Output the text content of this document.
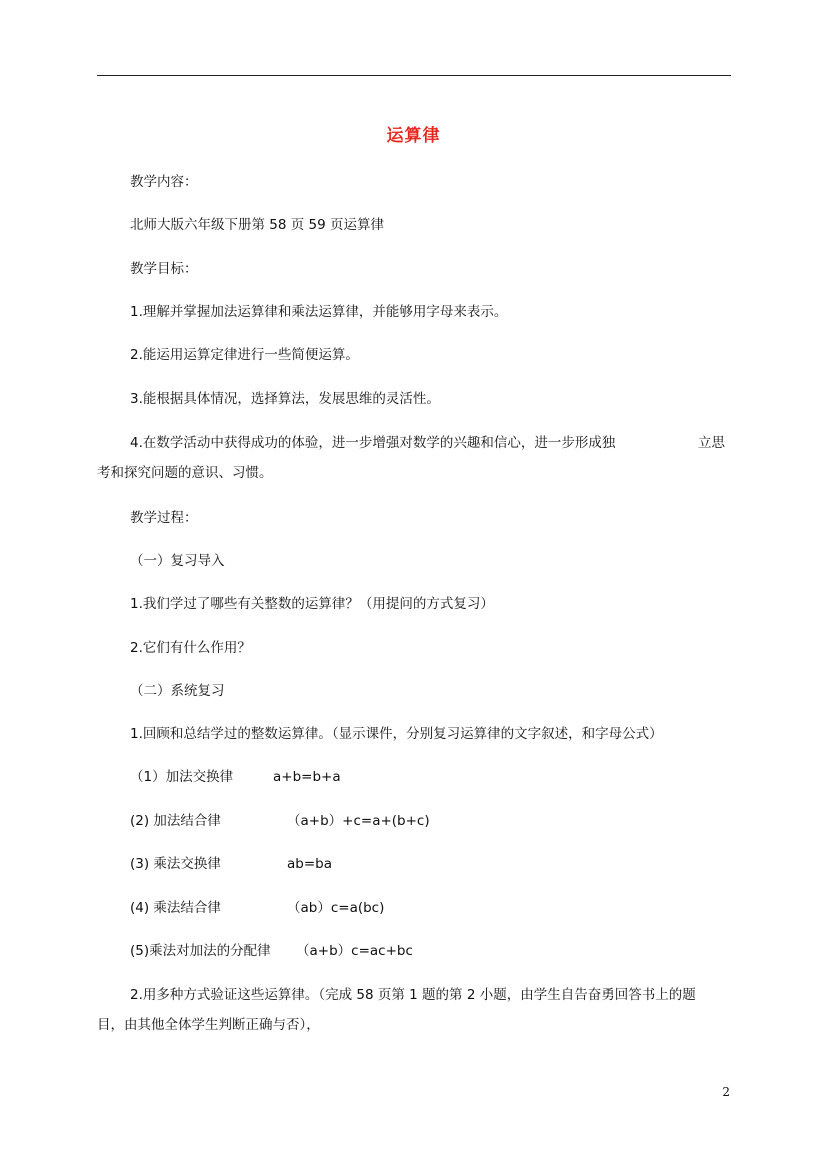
运算律
教学内容：
北师大版六年级下册第 58 页 59 页运算律
教学目标：
1.理解并掌握加法运算律和乘法运算律，并能够用字母来表示。
2.能运用运算定律进行一些简便运算。
3.能根据具体情况，选择算法，发展思维的灵活性。
4.在数学活动中获得成功的体验，进一步增强对数学的兴趣和信心，进一步形成独	立思
考和探究问题的意识、习惯。
教学过程：
（一）复习导入
1.我们学过了哪些有关整数的运算律？（用提问的方式复习）
2.它们有什么作用？
（二）系统复习
1.回顾和总结学过的整数运算律。（显示课件，分别复习运算律的文字叙述，和字母公式）
（1）加法交换律	a+b=b+a
(2) 加法结合律	（a+b）+c=a+(b+c)
(3) 乘法交换律	ab=ba
(4) 乘法结合律	（ab）c=a(bc)
(5)乘法对加法的分配律 （a+b）c=ac+bc
2.用多种方式验证这些运算律。（完成 58 页第 1 题的第 2 小题，由学生自告奋勇回答书上的题
目，由其他全体学生判断正确与否），
2
